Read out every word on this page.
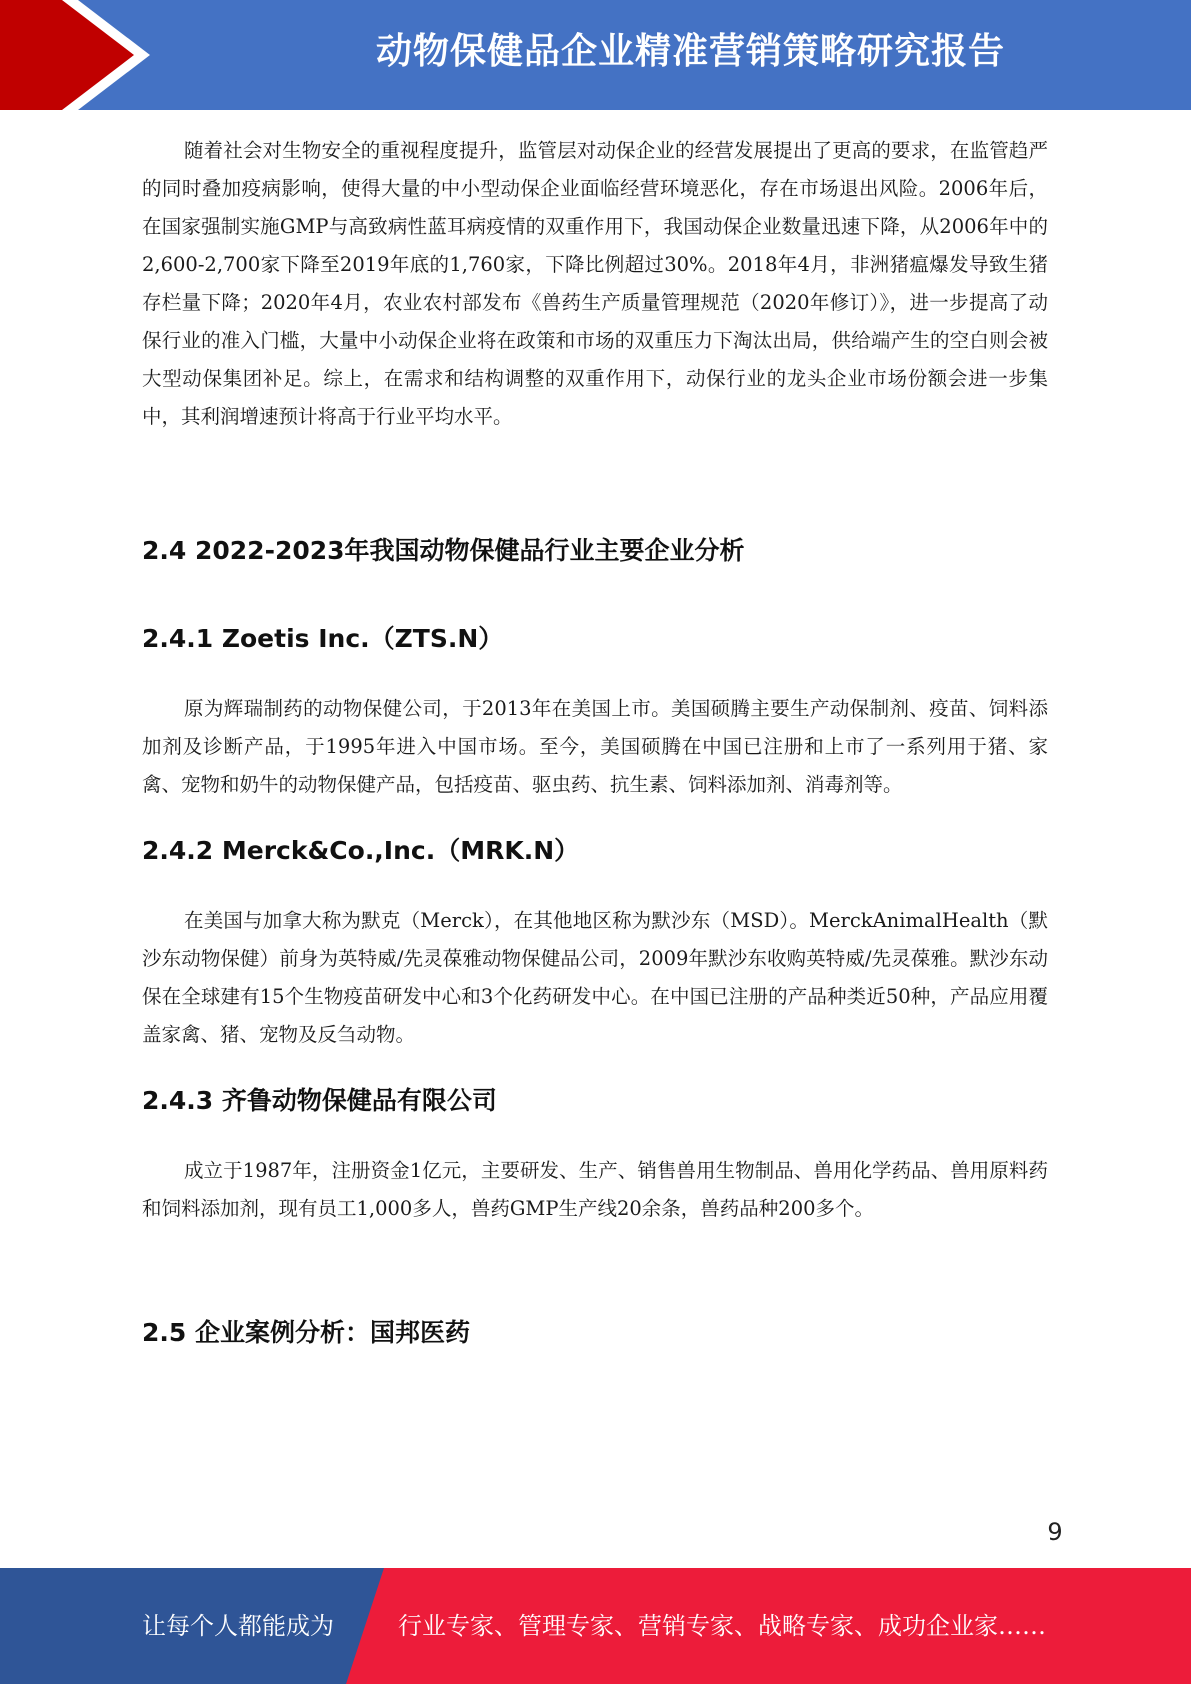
动物保健品企业精准营销策略研究报告

随着社会对生物安全的重视程度提升，监管层对动保企业的经营发展提出了更高的要求，在监管趋严的同时叠加疫病影响，使得大量的中小型动保企业面临经营环境恶化，存在市场退出风险。2006年后，在国家强制实施GMP与高致病性蓝耳病疫情的双重作用下，我国动保企业数量迅速下降，从2006年中的2,600-2,700家下降至2019年底的1,760家，下降比例超过30%。2018年4月，非洲猪瘟爆发导致生猪存栏量下降；2020年4月，农业农村部发布《兽药生产质量管理规范（2020年修订）》，进一步提高了动保行业的准入门槛，大量中小动保企业将在政策和市场的双重压力下淘汰出局，供给端产生的空白则会被大型动保集团补足。综上，在需求和结构调整的双重作用下，动保行业的龙头企业市场份额会进一步集中，其利润增速预计将高于行业平均水平。

2.4 2022-2023年我国动物保健品行业主要企业分析
2.4.1 Zoetis Inc.（ZTS.N）

原为辉瑞制药的动物保健公司，于2013年在美国上市。美国硕腾主要生产动保制剂、疫苗、饲料添加剂及诊断产品，于1995年进入中国市场。至今，美国硕腾在中国已注册和上市了一系列用于猪、家禽、宠物和奶牛的动物保健产品，包括疫苗、驱虫药、抗生素、饲料添加剂、消毒剂等。

2.4.2 Merck&Co.,Inc.（MRK.N）

在美国与加拿大称为默克（Merck），在其他地区称为默沙东（MSD）。MerckAnimalHealth（默沙东动物保健）前身为英特威/先灵葆雅动物保健品公司，2009年默沙东收购英特威/先灵葆雅。默沙东动保在全球建有15个生物疫苗研发中心和3个化药研发中心。在中国已注册的产品种类近50种，产品应用覆盖家禽、猪、宠物及反刍动物。

2.4.3 齐鲁动物保健品有限公司

成立于1987年，注册资金1亿元，主要研发、生产、销售兽用生物制品、兽用化学药品、兽用原料药和饲料添加剂，现有员工1,000多人，兽药GMP生产线20余条，兽药品种200多个。

2.5 企业案例分析：国邦医药
9
让每个人都能成为	行业专家、管理专家、营销专家、战略专家、成功企业家……
